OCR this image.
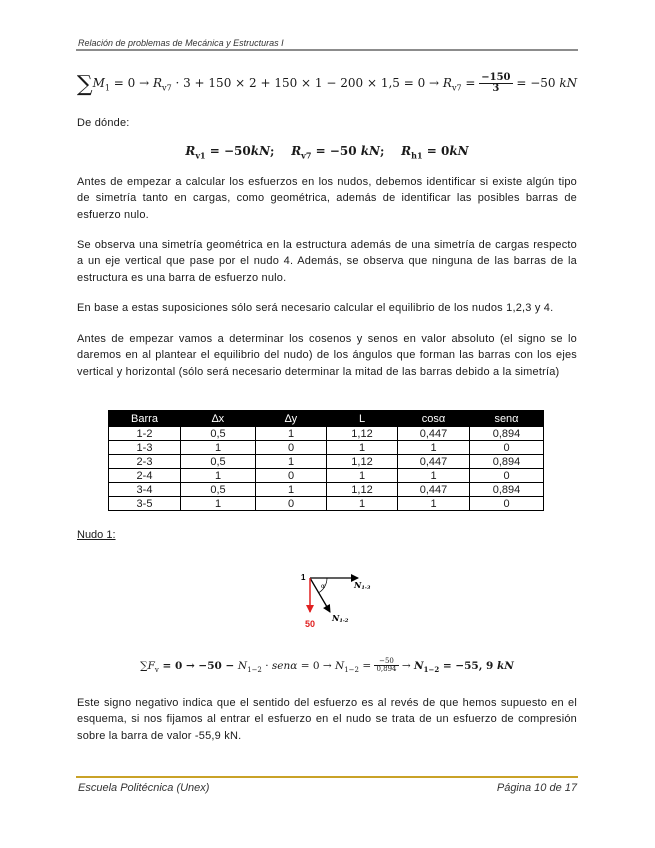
Relación de problemas de Mecánica y Estructuras I
$\sum M_1 = 0 \to R_{v7} \cdot 3 + 150 \times 2 + 150 \times 1 - 200 \times 1,5 = 0 \to R_{v7} = \frac{-150}{3} = -50$ kN
De dónde:
$R_{v1} = -50kN$;    $R_{v7} = -50$ kN;    $R_{h1} = 0kN$
Antes de empezar a calcular los esfuerzos en los nudos, debemos identificar si existe algún tipo de simetría tanto en cargas, como geométrica, además de identificar las posibles barras de esfuerzo nulo.
Se observa una simetría geométrica en la estructura además de una simetría de cargas respecto a un eje vertical que pase por el nudo 4. Además, se observa que ninguna de las barras de la estructura es una barra de esfuerzo nulo.
En base a estas suposiciones sólo será necesario calcular el equilibrio de los nudos 1,2,3 y 4.
Antes de empezar vamos a determinar los cosenos y senos en valor absoluto (el signo se lo daremos en al plantear el equilibrio del nudo) de los ángulos que forman las barras con los ejes vertical y horizontal (sólo será necesario determinar la mitad de las barras debido a la simetría)
Barra	∆x	∆y	L	cosα	senα
1-2	0,5	1	1,12	0,447	0,894
1-3	1	0	1	1	0
2-3	0,5	1	1,12	0,447	0,894
2-4	1	0	1	1	0
3-4	0,5	1	1,12	0,447	0,894
3-5	1	0	1	1	0
Nudo 1:
1
α	N1-3
N1-2
50
$\sum F_v = 0 \to -50 - N_{1-2} \cdot sen\alpha = 0 \to N_{1-2} = \frac{-50}{0,894} \to N_{1-2} = -55$, 9 kN
Este signo negativo indica que el sentido del esfuerzo es al revés de que hemos supuesto en el esquema, si nos fijamos al entrar el esfuerzo en el nudo se trata de un esfuerzo de compresión sobre la barra de valor -55,9 kN.
Escuela Politécnica (Unex)	Página 10 de 17
